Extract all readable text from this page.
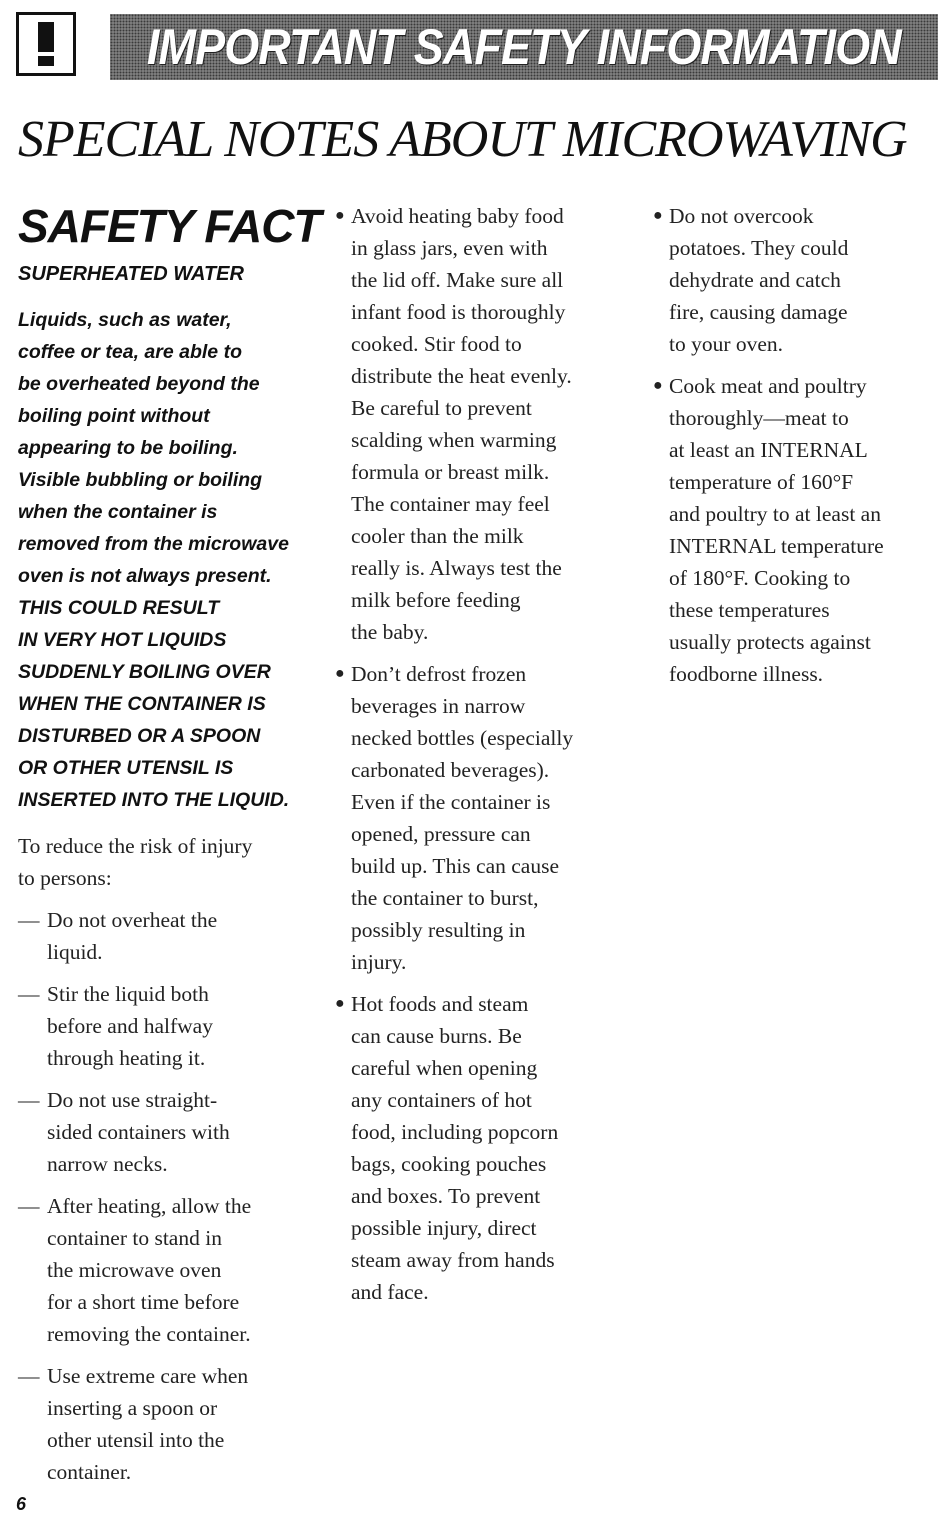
IMPORTANT SAFETY INFORMATION
SPECIAL NOTES ABOUT MICROWAVING
SAFETY FACT
SUPERHEATED WATER
Liquids, such as water,
coffee or tea, are able to
be overheated beyond the
boiling point without
appearing to be boiling.
Visible bubbling or boiling
when the container is
removed from the microwave
oven is not always present.
THIS COULD RESULT
IN VERY HOT LIQUIDS
SUDDENLY BOILING OVER
WHEN THE CONTAINER IS
DISTURBED OR A SPOON
OR OTHER UTENSIL IS
INSERTED INTO THE LIQUID.
To reduce the risk of injury
to persons:
— Do not overheat the
liquid.
— Stir the liquid both
before and halfway
through heating it.
— Do not use straight-
sided containers with
narrow necks.
— After heating, allow the
container to stand in
the microwave oven
for a short time before
removing the container.
— Use extreme care when
inserting a spoon or
other utensil into the
container.
● Avoid heating baby food
in glass jars, even with
the lid off. Make sure all
infant food is thoroughly
cooked. Stir food to
distribute the heat evenly.
Be careful to prevent
scalding when warming
formula or breast milk.
The container may feel
cooler than the milk
really is. Always test the
milk before feeding
the baby.
● Don’t defrost frozen
beverages in narrow
necked bottles (especially
carbonated beverages).
Even if the container is
opened, pressure can
build up. This can cause
the container to burst,
possibly resulting in
injury.
● Hot foods and steam
can cause burns. Be
careful when opening
any containers of hot
food, including popcorn
bags, cooking pouches
and boxes. To prevent
possible injury, direct
steam away from hands
and face.
● Do not overcook
potatoes. They could
dehydrate and catch
fire, causing damage
to your oven.
● Cook meat and poultry
thoroughly—meat to
at least an INTERNAL
temperature of 160°F
and poultry to at least an
INTERNAL temperature
of 180°F. Cooking to
these temperatures
usually protects against
foodborne illness.
6
